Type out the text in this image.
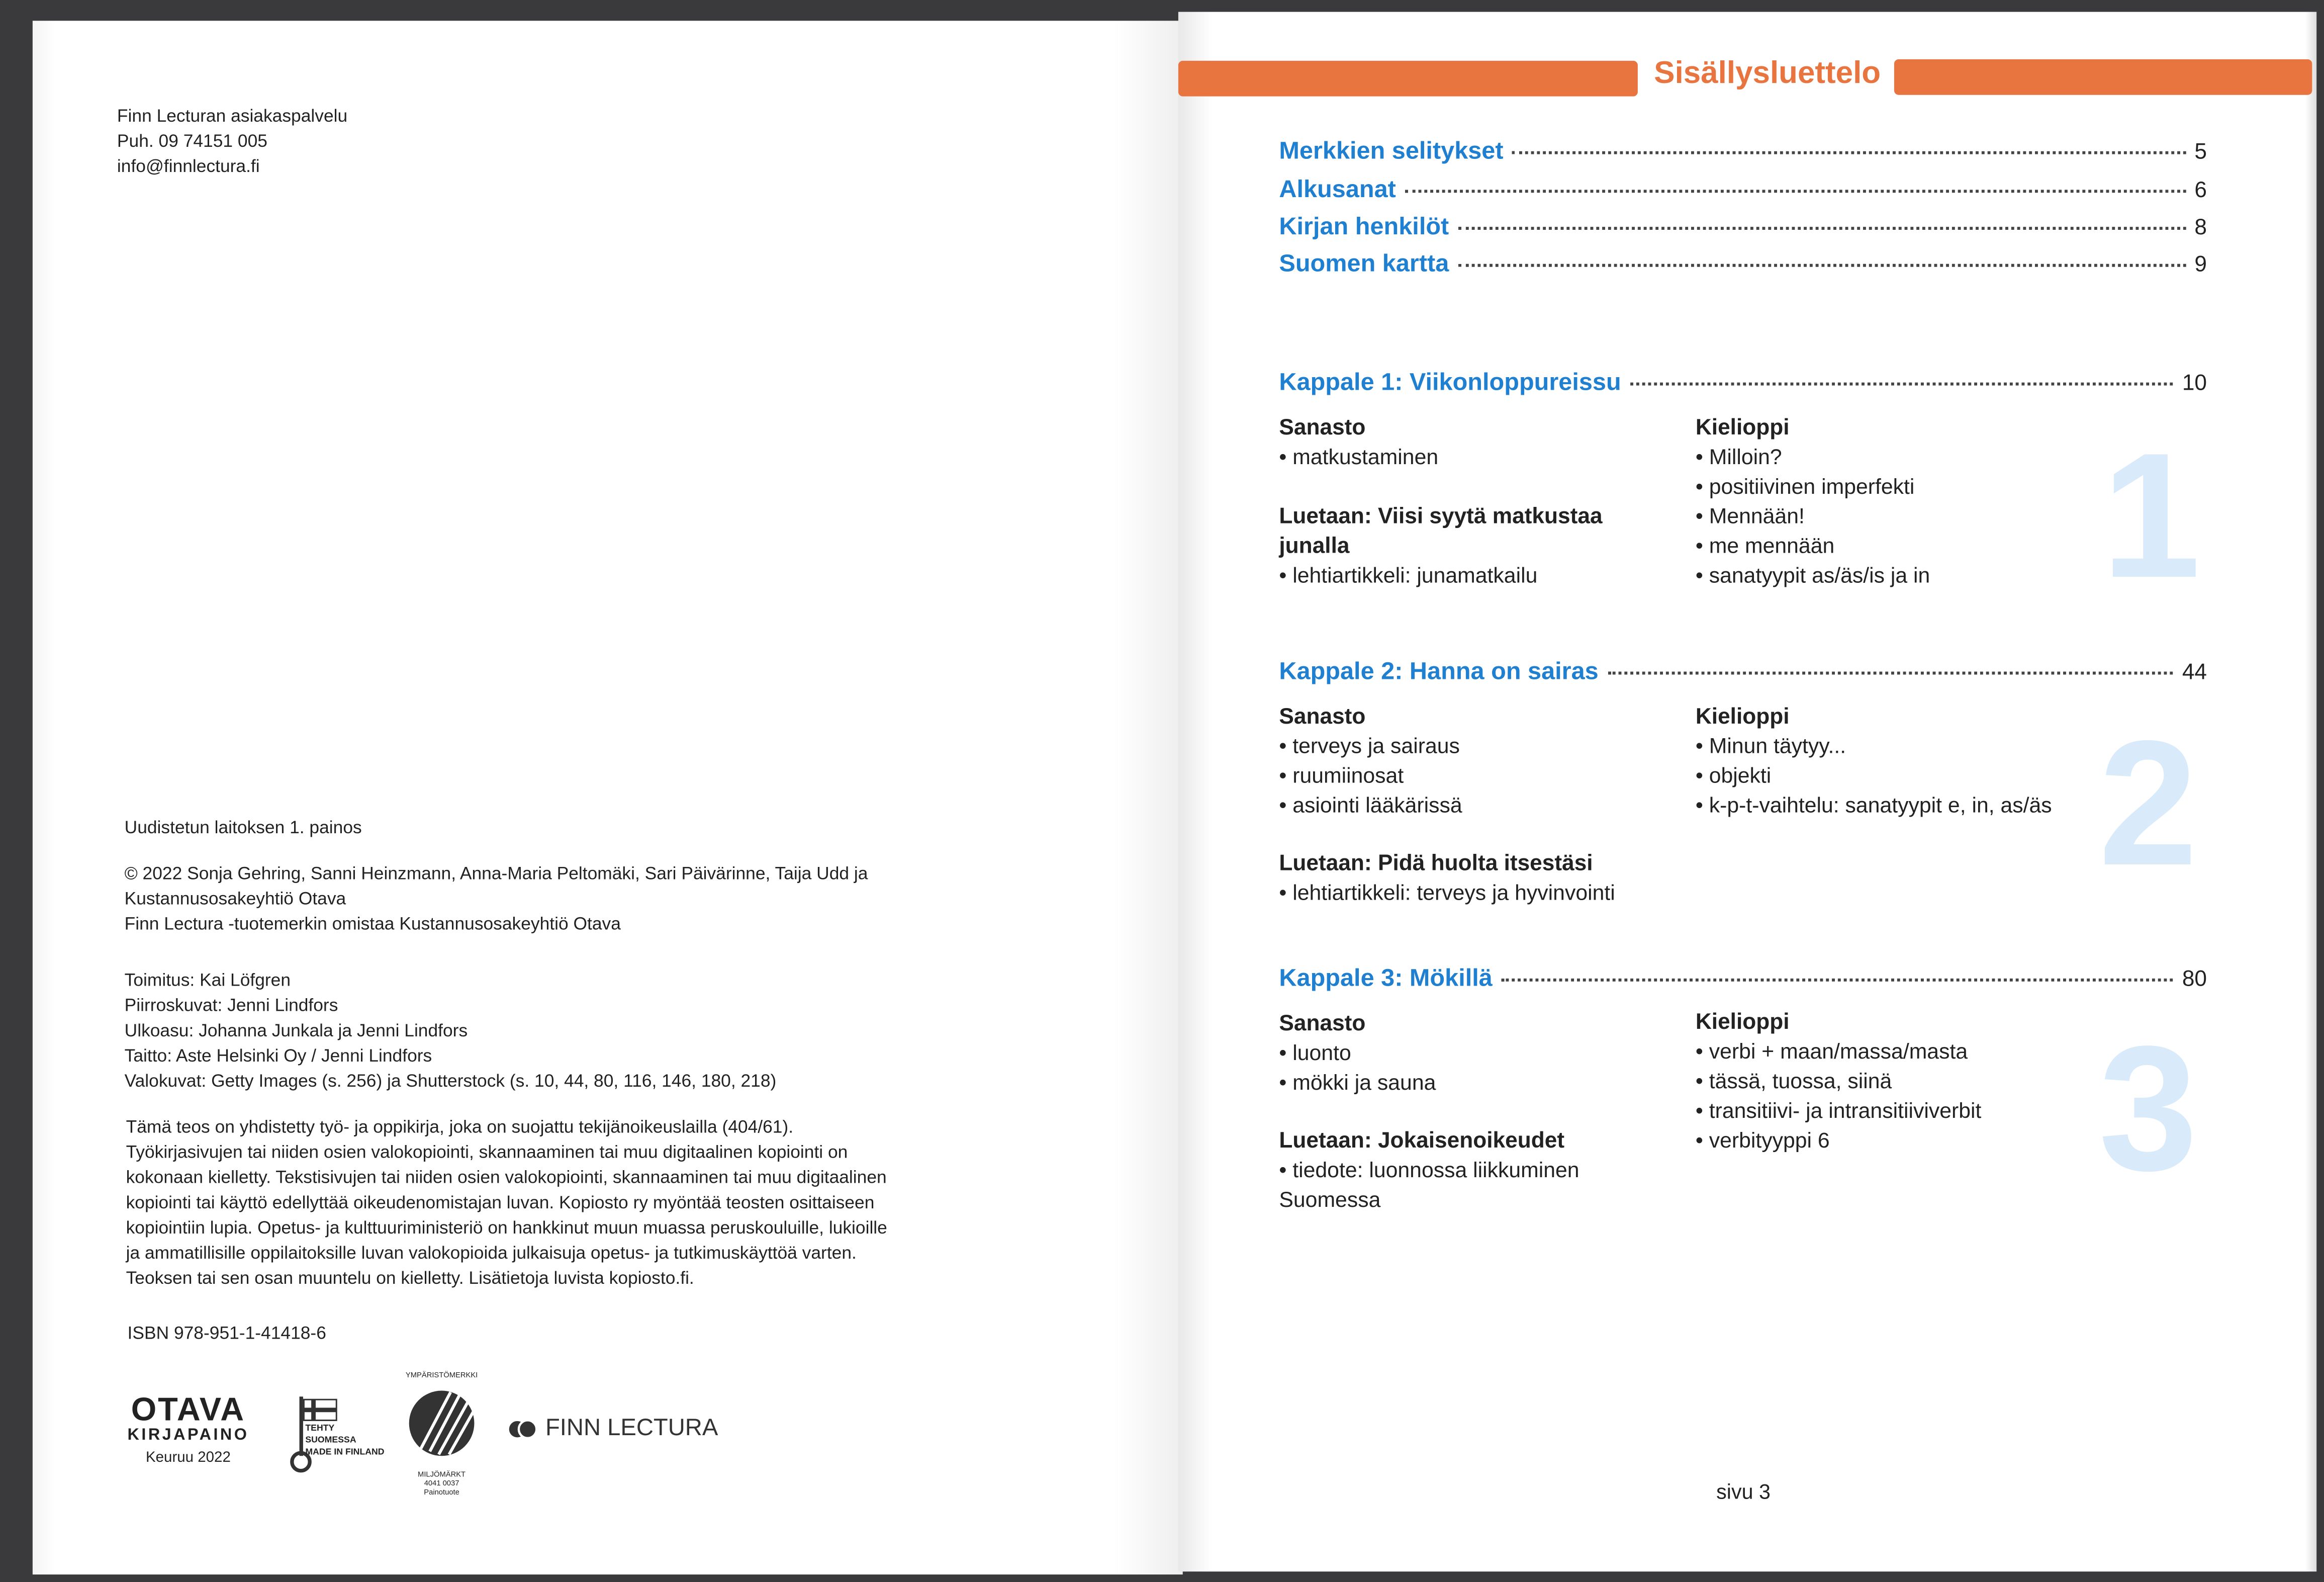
Finn Lecturan asiakaspalvelu
Puh. 09 74151 005
info@finnlectura.fi
Uudistetun laitoksen 1. painos
© 2022 Sonja Gehring, Sanni Heinzmann, Anna-Maria Peltomäki, Sari Päivärinne, Taija Udd ja
Kustannusosakeyhtiö Otava
Finn Lectura -tuotemerkin omistaa Kustannusosakeyhtiö Otava
Toimitus: Kai Löfgren
Piirroskuvat: Jenni Lindfors
Ulkoasu: Johanna Junkala ja Jenni Lindfors
Taitto: Aste Helsinki Oy / Jenni Lindfors
Valokuvat: Getty Images (s. 256) ja Shutterstock (s. 10, 44, 80, 116, 146, 180, 218)
Tämä teos on yhdistetty työ- ja oppikirja, joka on suojattu tekijänoikeuslailla (404/61).
Työkirjasivujen tai niiden osien valokopiointi, skannaaminen tai muu digitaalinen kopiointi on
kokonaan kielletty. Tekstisivujen tai niiden osien valokopiointi, skannaaminen tai muu digitaalinen
kopiointi tai käyttö edellyttää oikeudenomistajan luvan. Kopiosto ry myöntää teosten osittaiseen
kopiointiin lupia. Opetus- ja kulttuuriministeriö on hankkinut muun muassa peruskouluille, lukioille
ja ammatillisille oppilaitoksille luvan valokopioida julkaisuja opetus- ja tutkimuskäyttöä varten.
Teoksen tai sen osan muuntelu on kielletty. Lisätietoja luvista kopiosto.fi.
ISBN 978-951-1-41418-6
OTAVA
KIRJAPAINO
Keuruu 2022
TEHTY SUOMESSA
MADE IN FINLAND
YMPÄRISTÖMERKKI
MILJÖMÄRKT
4041 0037
Painotuote
FINN LECTURA
Sisällysluettelo
Merkkien selitykset	5
Alkusanat	6
Kirjan henkilöt	8
Suomen kartta	9
Kappale 1: Viikonloppureissu	10
Sanasto
• matkustaminen
Luetaan: Viisi syytä matkustaa junalla
• lehtiartikkeli: junamatkailu
Kielioppi
• Milloin?
• positiivinen imperfekti
• Mennään!
• me mennään
• sanatyypit as/äs/is ja in	1
Kappale 2: Hanna on sairas	44
Sanasto
• terveys ja sairaus
• ruumiinosat
• asiointi lääkärissä
Luetaan: Pidä huolta itsestäsi
• lehtiartikkeli: terveys ja hyvinvointi
Kielioppi
• Minun täytyy...
• objekti
• k-p-t-vaihtelu: sanatyypit e, in, as/äs 2
Kappale 3: Mökillä	80
Sanasto
• luonto
• mökki ja sauna
Luetaan: Jokaisenoikeudet
• tiedote: luonnossa liikkuminen Suomessa
Kielioppi
• verbi + maan/massa/masta
• tässä, tuossa, siinä
• transitiivi- ja intransitiiviverbit
• verbityyppi 6	3
sivu 3
